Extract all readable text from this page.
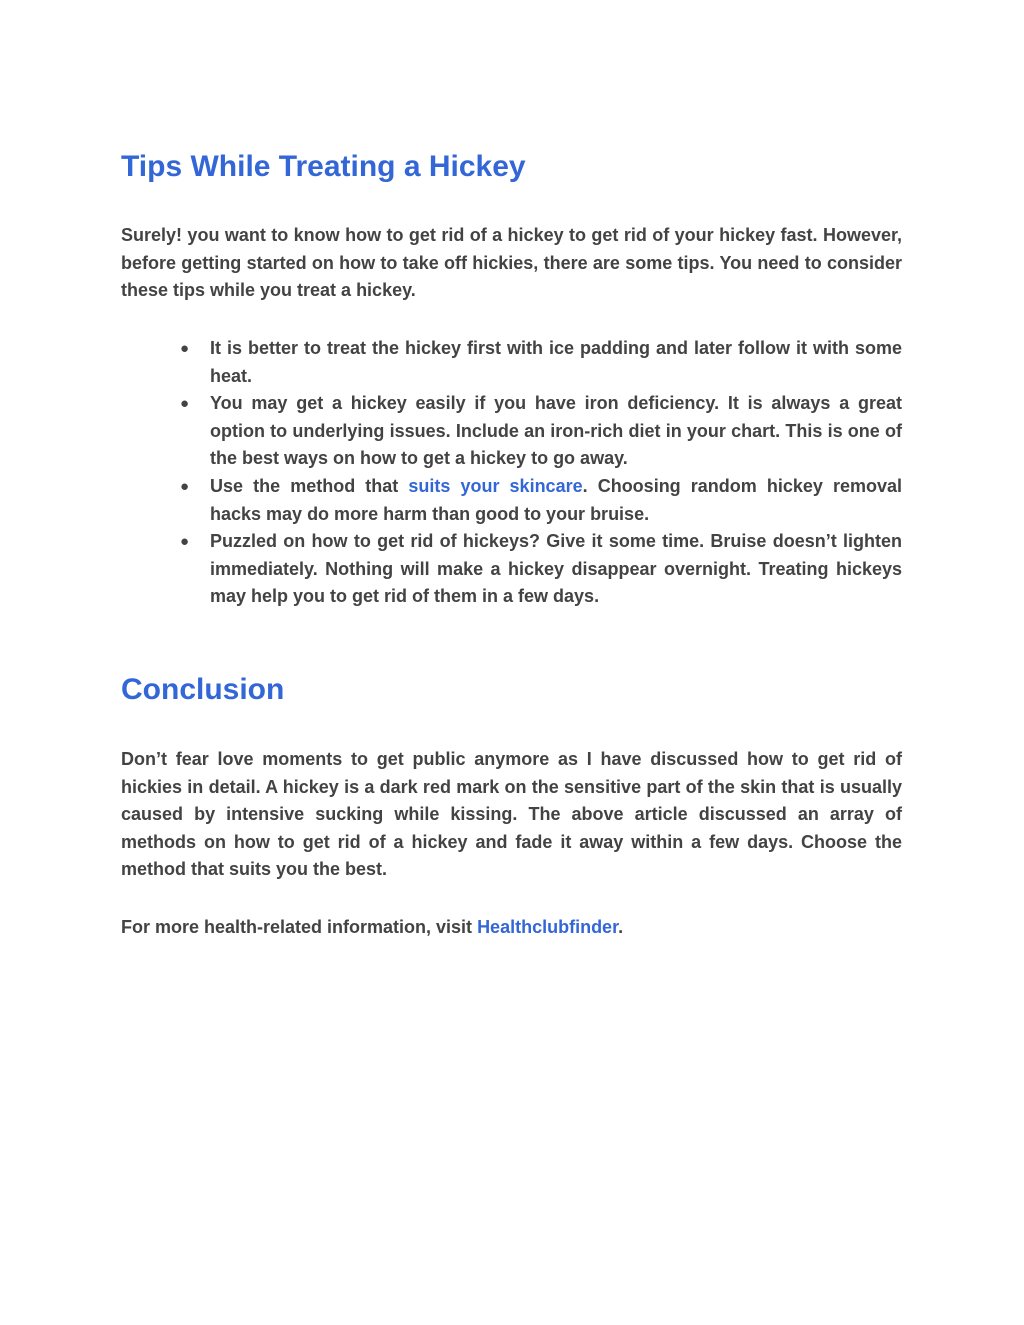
Tips While Treating a Hickey

Surely! you want to know how to get rid of a hickey to get rid of your hickey fast. However, before getting started on how to take off hickies, there are some tips. You need to consider these tips while you treat a hickey.

● It is better to treat the hickey first with ice padding and later follow it with some heat.
● You may get a hickey easily if you have iron deficiency. It is always a great option to underlying issues. Include an iron-rich diet in your chart. This is one of the best ways on how to get a hickey to go away.
● Use the method that suits your skincare. Choosing random hickey removal hacks may do more harm than good to your bruise.
● Puzzled on how to get rid of hickeys? Give it some time. Bruise doesn’t lighten immediately. Nothing will make a hickey disappear overnight. Treating hickeys may help you to get rid of them in a few days.
Conclusion

Don’t fear love moments to get public anymore as I have discussed how to get rid of hickies in detail. A hickey is a dark red mark on the sensitive part of the skin that is usually caused by intensive sucking while kissing. The above article discussed an array of methods on how to get rid of a hickey and fade it away within a few days. Choose the method that suits you the best.

For more health-related information, visit Healthclubfinder.
